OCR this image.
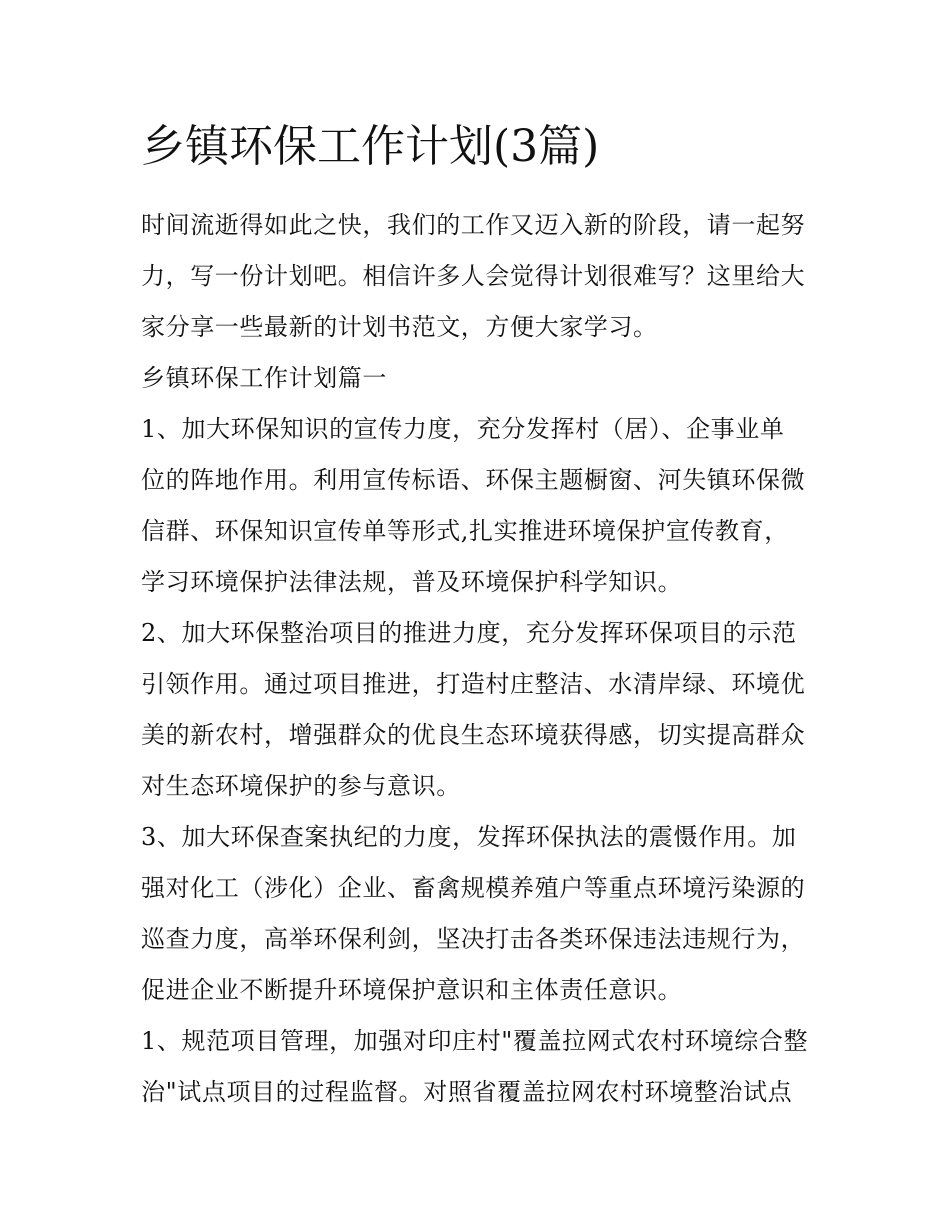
乡镇环保工作计划(3篇)

时间流逝得如此之快，我们的工作又迈入新的阶段，请一起努
力，写一份计划吧。相信许多人会觉得计划很难写？这里给大
家分享一些最新的计划书范文，方便大家学习。

乡镇环保工作计划篇一

1、加大环保知识的宣传力度，充分发挥村（居）、企事业单
位的阵地作用。利用宣传标语、环保主题橱窗、河失镇环保微
信群、环保知识宣传单等形式,扎实推进环境保护宣传教育，
学习环境保护法律法规，普及环境保护科学知识。

2、加大环保整治项目的推进力度，充分发挥环保项目的示范
引领作用。通过项目推进，打造村庄整洁、水清岸绿、环境优
美的新农村，增强群众的优良生态环境获得感，切实提高群众
对生态环境保护的参与意识。

3、加大环保查案执纪的力度，发挥环保执法的震慑作用。加
强对化工（涉化）企业、畜禽规模养殖户等重点环境污染源的
巡查力度，高举环保利剑，坚决打击各类环保违法违规行为，
促进企业不断提升环境保护意识和主体责任意识。

1、规范项目管理，加强对印庄村"覆盖拉网式农村环境综合整
治"试点项目的过程监督。对照省覆盖拉网农村环境整治试点
